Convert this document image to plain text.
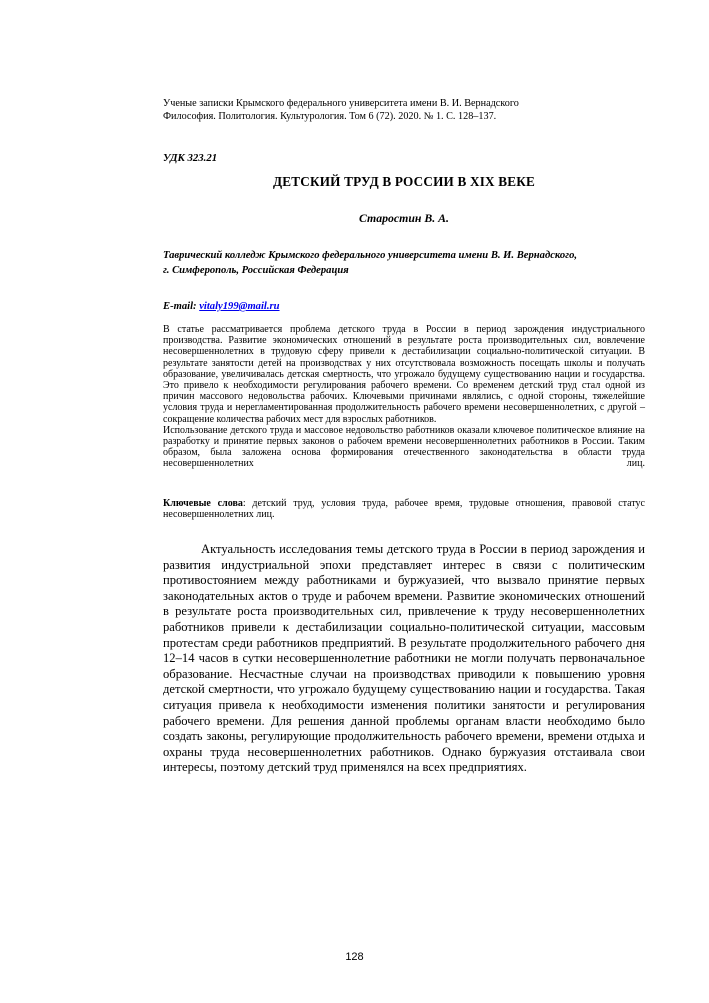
Ученые записки Крымского федерального университета имени В. И. Вернадского
Философия. Политология. Культурология. Том 6 (72). 2020. № 1. С. 128–137.
УДК 323.21
ДЕТСКИЙ ТРУД В РОССИИ В XIX ВЕКЕ
Старостин В. А.
Таврический колледж Крымского федерального университета имени В. И. Вернадского,
г. Симферополь, Российская Федерация
E-mail: vitaly199@mail.ru

В статье рассматривается проблема детского труда в России в период зарождения индустриального производства. Развитие экономических отношений в результате роста производительных сил, вовлечение несовершеннолетних в трудовую сферу привели к дестабилизации социально-политической ситуации. В результате занятости детей на производствах у них отсутствовала возможность посещать школы и получать образование, увеличивалась детская смертность, что угрожало будущему существованию нации и государства. Это привело к необходимости регулирования рабочего времени. Со временем детский труд стал одной из причин массового недовольства рабочих. Ключевыми причинами являлись, с одной стороны, тяжелейшие условия труда и нерегламентированная продолжительность рабочего времени несовершеннолетних, с другой – сокращение количества рабочих мест для взрослых работников.

Использование детского труда и массовое недовольство работников оказали ключевое политическое влияние на разработку и принятие первых законов о рабочем времени несовершеннолетних работников в России. Таким образом, была заложена основа формирования отечественного законодательства в области труда несовершеннолетних лиц.

Ключевые слова: детский труд, условия труда, рабочее время, трудовые отношения, правовой статус несовершеннолетних лиц.

Актуальность исследования темы детского труда в России в период зарождения и развития индустриальной эпохи представляет интерес в связи с политическим противостоянием между работниками и буржуазией, что вызвало принятие первых законодательных актов о труде и рабочем времени. Развитие экономических отношений в результате роста производительных сил, привлечение к труду несовершеннолетних работников привели к дестабилизации социально-политической ситуации, массовым протестам среди работников предприятий. В результате продолжительного рабочего дня 12–14 часов в сутки несовершеннолетние работники не могли получать первоначальное образование. Несчастные случаи на производствах приводили к повышению уровня детской смертности, что угрожало будущему существованию нации и государства. Такая ситуация привела к необходимости изменения политики занятости и регулирования рабочего времени. Для решения данной проблемы органам власти необходимо было создать законы, регулирующие продолжительность рабочего времени, времени отдыха и охраны труда несовершеннолетних работников. Однако буржуазия отстаивала свои интересы, поэтому детский труд применялся на всех предприятиях.

128
